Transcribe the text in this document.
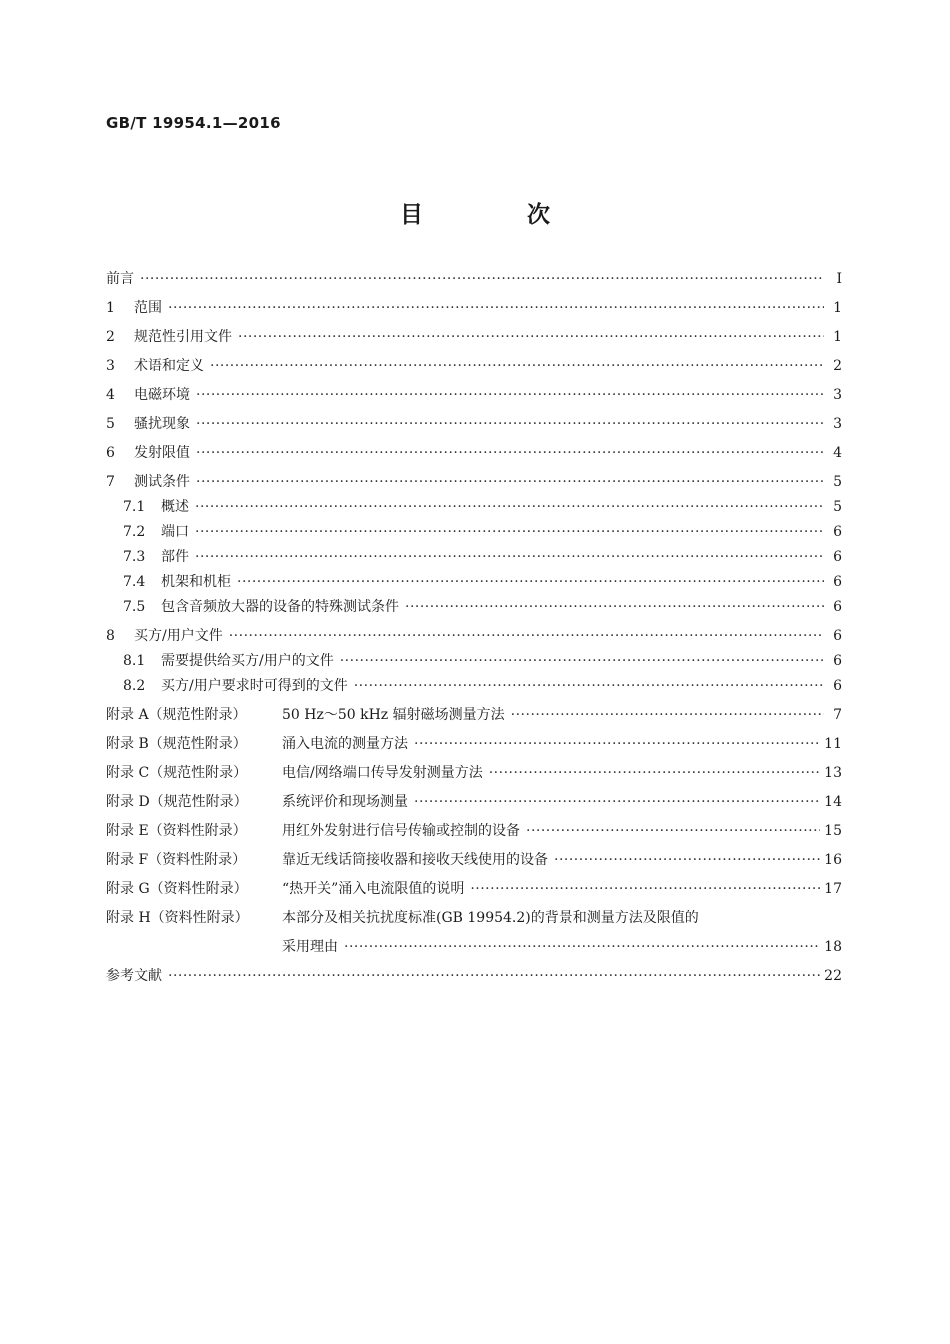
GB/T 19954.1—2016
目 次
前言 ·····	Ⅰ
1	范围 ·····	1
2	规范性引用文件 ·····	1
3	术语和定义 ·····	2
4	电磁环境 ·····	3
5	骚扰现象 ·····	3
6	发射限值 ·····	4
7	测试条件 ·····	5
7.1	概述 ·····	5
7.2	端口 ·····	6
7.3	部件 ·····	6
7.4	机架和机柜 ·····	6
7.5	包含音频放大器的设备的特殊测试条件 ·····	6
8	买方/用户文件 ·····	6
8.1	需要提供给买方/用户的文件 ·····	6
8.2	买方/用户要求时可得到的文件 ·····	6
附录 A（规范性附录）	50 Hz～50 kHz 辐射磁场测量方法 ·····	7
附录 B（规范性附录）	涌入电流的测量方法 ·····	11
附录 C（规范性附录）	电信/网络端口传导发射测量方法 ·····	13
附录 D（规范性附录）	系统评价和现场测量 ·····	14
附录 E（资料性附录）	用红外发射进行信号传输或控制的设备 ·····	15
附录 F（资料性附录）	靠近无线话筒接收器和接收天线使用的设备 ·····	16
附录 G（资料性附录）	“热开关”涌入电流限值的说明 ·····	17
附录 H（资料性附录）	本部分及相关抗扰度标准(GB 19954.2)的背景和测量方法及限值的
采用理由 ·····	18
参考文献 ·····	22
